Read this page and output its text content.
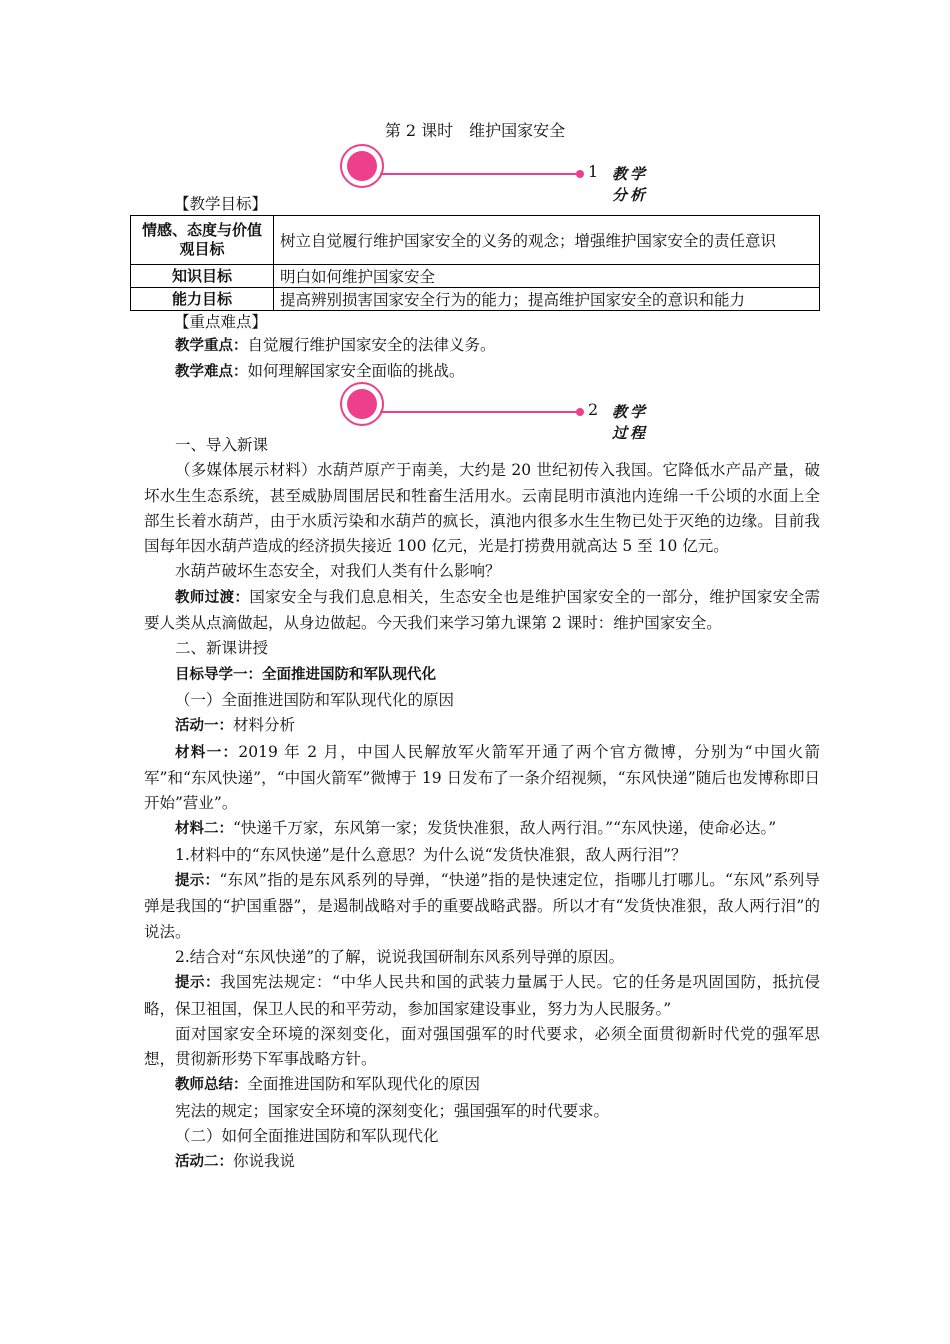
第 2 课时　维护国家安全
1 教学分析
【教学目标】
情感、态度与价值观目标	树立自觉履行维护国家安全的义务的观念；增强维护国家安全的责任意识
知识目标	明白如何维护国家安全
能力目标	提高辨别损害国家安全行为的能力；提高维护国家安全的意识和能力
【重点难点】

教学重点：自觉履行维护国家安全的法律义务。

教学难点：如何理解国家安全面临的挑战。

2 教学过程

一、导入新课

（多媒体展示材料）水葫芦原产于南美，大约是 20 世纪初传入我国。它降低水产品产量，破坏水生生态系统，甚至威胁周围居民和牲畜生活用水。云南昆明市滇池内连绵一千公顷的水面上全部生长着水葫芦，由于水质污染和水葫芦的疯长，滇池内很多水生生物已处于灭绝的边缘。目前我国每年因水葫芦造成的经济损失接近 100 亿元，光是打捞费用就高达 5 至 10 亿元。

水葫芦破坏生态安全，对我们人类有什么影响？

教师过渡：国家安全与我们息息相关，生态安全也是维护国家安全的一部分，维护国家安全需要人类从点滴做起，从身边做起。今天我们来学习第九课第 2 课时：维护国家安全。

二、新课讲授

目标导学一：全面推进国防和军队现代化

（一）全面推进国防和军队现代化的原因

活动一：材料分析

材料一：2019 年 2 月，中国人民解放军火箭军开通了两个官方微博，分别为“中国火箭军”和“东风快递”，“中国火箭军”微博于 19 日发布了一条介绍视频，“东风快递”随后也发博称即日开始”营业”。

材料二：“快递千万家，东风第一家；发货快准狠，敌人两行泪。”“东风快递，使命必达。”

1.材料中的“东风快递”是什么意思？为什么说“发货快准狠，敌人两行泪”？

提示：“东风”指的是东风系列的导弹，“快递”指的是快速定位，指哪儿打哪儿。“东风”系列导弹是我国的“护国重器”，是遏制战略对手的重要战略武器。所以才有“发货快准狠，敌人两行泪”的说法。

2.结合对“东风快递”的了解，说说我国研制东风系列导弹的原因。

提示：我国宪法规定：“中华人民共和国的武装力量属于人民。它的任务是巩固国防，抵抗侵略，保卫祖国，保卫人民的和平劳动，参加国家建设事业，努力为人民服务。”

面对国家安全环境的深刻变化，面对强国强军的时代要求，必须全面贯彻新时代党的强军思想，贯彻新形势下军事战略方针。

教师总结：全面推进国防和军队现代化的原因

宪法的规定；国家安全环境的深刻变化；强国强军的时代要求。

（二）如何全面推进国防和军队现代化

活动二：你说我说
